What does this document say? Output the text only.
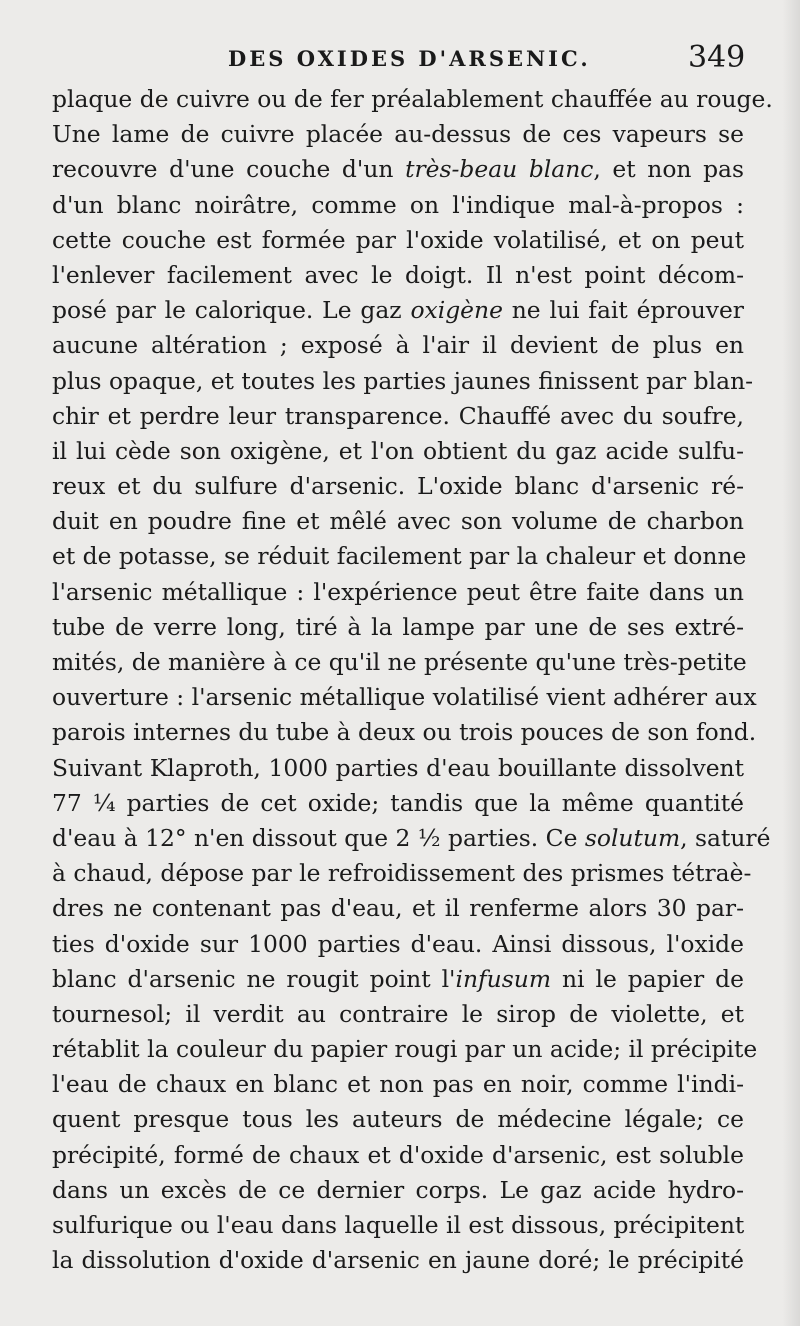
DES OXIDES D'ARSENIC.	349
plaque de cuivre ou de fer préalablement chauffée au rouge.
Une lame de cuivre placée au-dessus de ces vapeurs se
recouvre d'une couche d'un très-beau blanc, et non pas
d'un blanc noirâtre, comme on l'indique mal-à-propos :
cette couche est formée par l'oxide volatilisé, et on peut
l'enlever facilement avec le doigt. Il n'est point décom-
posé par le calorique. Le gaz oxigène ne lui fait éprouver
aucune altération ; exposé à l'air il devient de plus en
plus opaque, et toutes les parties jaunes finissent par blan-
chir et perdre leur transparence. Chauffé avec du soufre,
il lui cède son oxigène, et l'on obtient du gaz acide sulfu-
reux et du sulfure d'arsenic. L'oxide blanc d'arsenic ré-
duit en poudre fine et mêlé avec son volume de charbon
et de potasse, se réduit facilement par la chaleur et donne
l'arsenic métallique : l'expérience peut être faite dans un
tube de verre long, tiré à la lampe par une de ses extré-
mités, de manière à ce qu'il ne présente qu'une très-petite
ouverture : l'arsenic métallique volatilisé vient adhérer aux
parois internes du tube à deux ou trois pouces de son fond.
Suivant Klaproth, 1000 parties d'eau bouillante dissolvent
77 ¼ parties de cet oxide; tandis que la même quantité
d'eau à 12° n'en dissout que 2 ½ parties. Ce solutum, saturé
à chaud, dépose par le refroidissement des prismes tétraè-
dres ne contenant pas d'eau, et il renferme alors 30 par-
ties d'oxide sur 1000 parties d'eau. Ainsi dissous, l'oxide
blanc d'arsenic ne rougit point l'infusum ni le papier de
tournesol; il verdit au contraire le sirop de violette, et
rétablit la couleur du papier rougi par un acide; il précipite
l'eau de chaux en blanc et non pas en noir, comme l'indi-
quent presque tous les auteurs de médecine légale; ce
précipité, formé de chaux et d'oxide d'arsenic, est soluble
dans un excès de ce dernier corps. Le gaz acide hydro-
sulfurique ou l'eau dans laquelle il est dissous, précipitent
la dissolution d'oxide d'arsenic en jaune doré; le précipité
